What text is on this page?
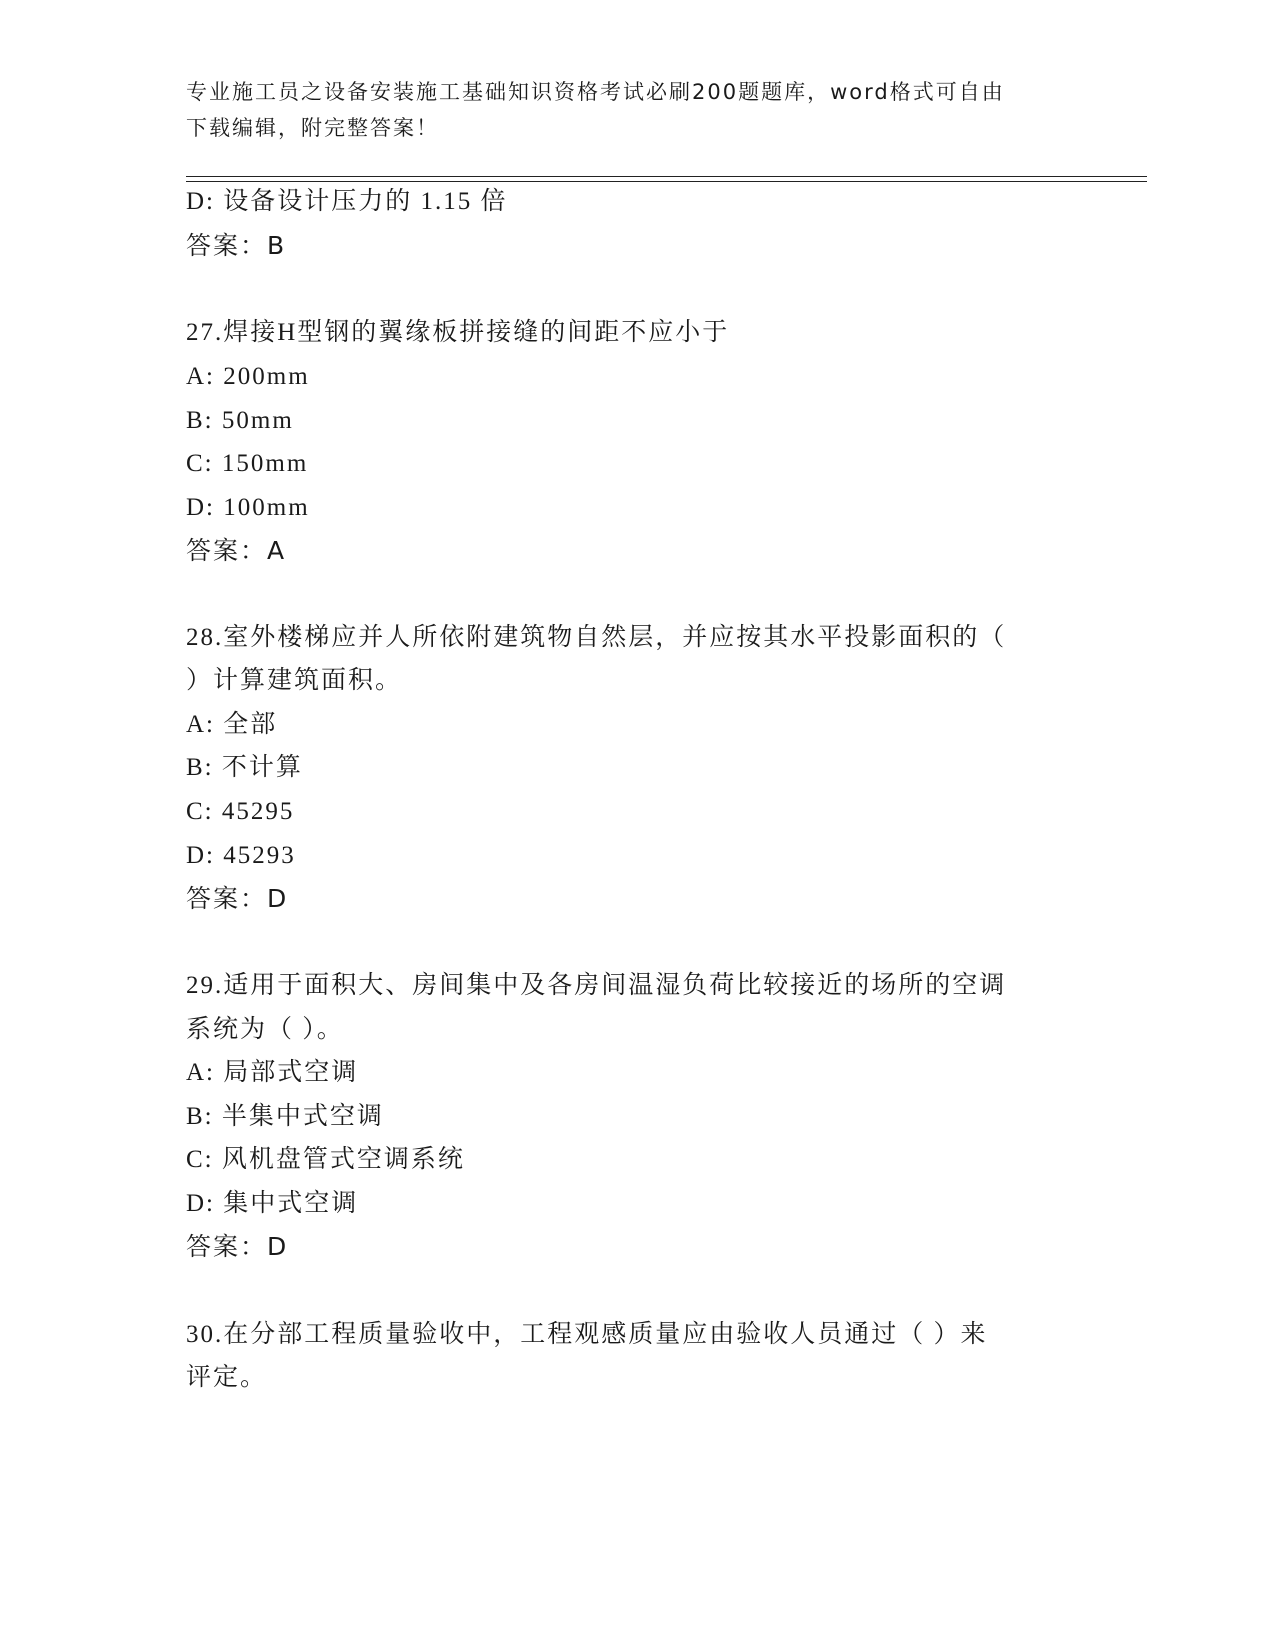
专业施工员之设备安装施工基础知识资格考试必刷200题题库，word格式可自由
下载编辑，附完整答案！
D: 设备设计压力的 1.15 倍
答案：B
27.焊接H型钢的翼缘板拼接缝的间距不应小于
A: 200mm
B: 50mm
C: 150mm
D: 100mm
答案：A
28.室外楼梯应并人所依附建筑物自然层，并应按其水平投影面积的（
）计算建筑面积。
A: 全部
B: 不计算
C: 45295
D: 45293
答案：D
29.适用于面积大、房间集中及各房间温湿负荷比较接近的场所的空调
系统为（ ）。
A: 局部式空调
B: 半集中式空调
C: 风机盘管式空调系统
D: 集中式空调
答案：D
30.在分部工程质量验收中，工程观感质量应由验收人员通过（ ）来
评定。
